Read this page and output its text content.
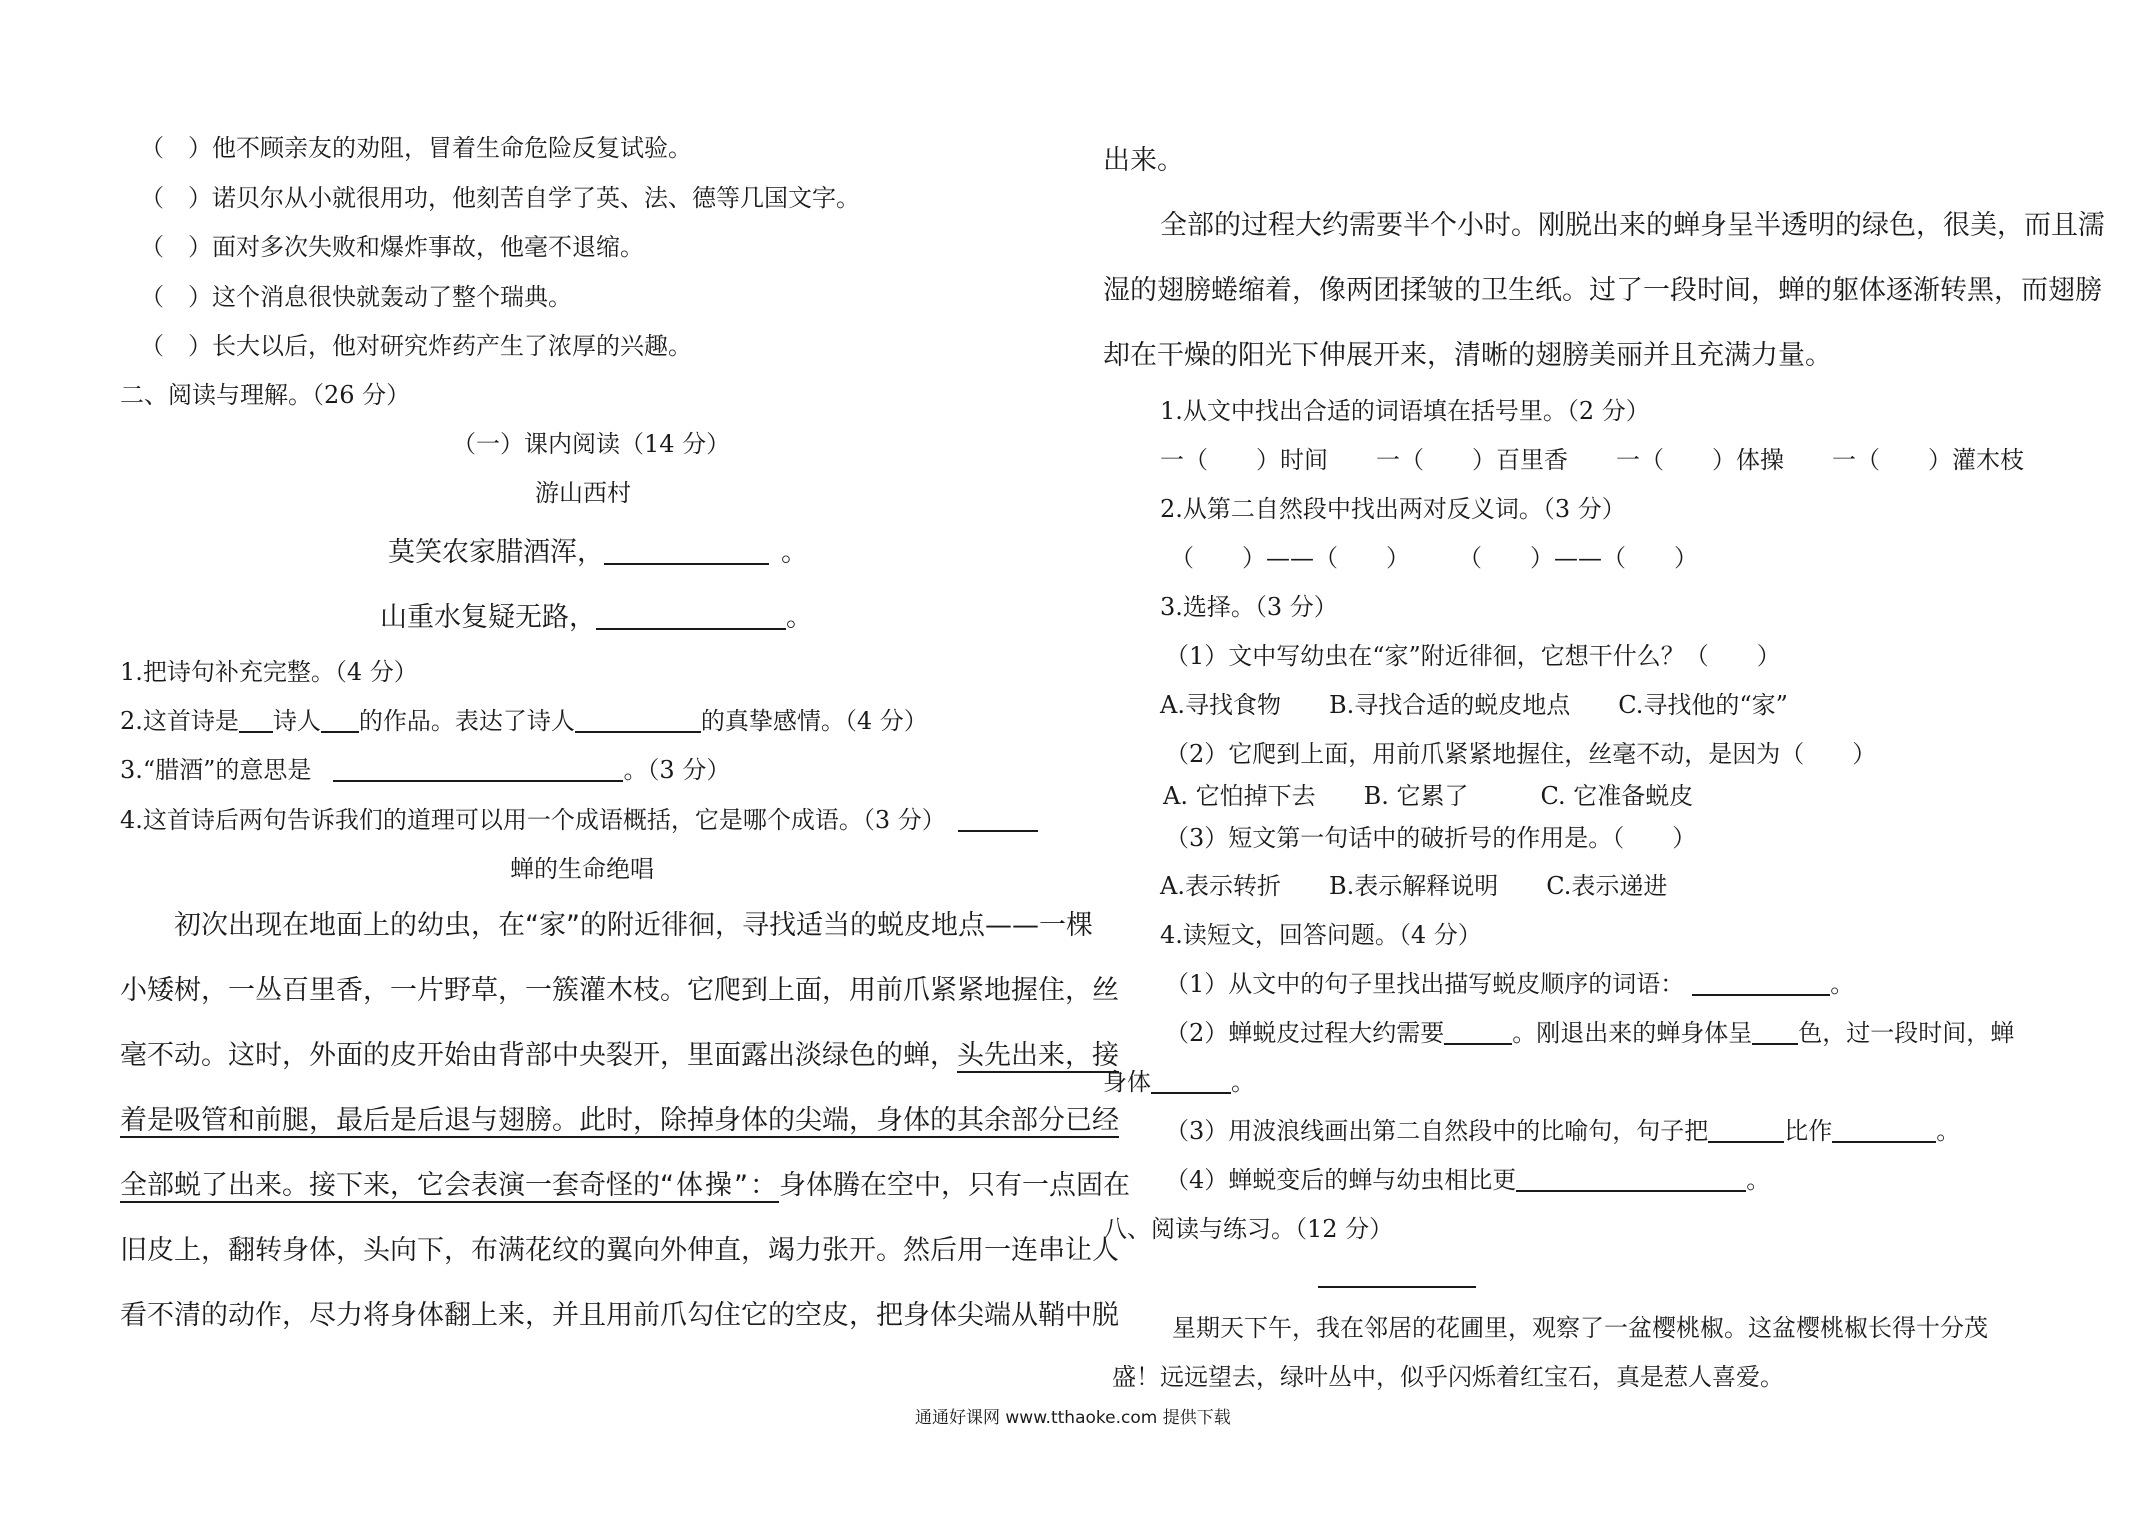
（　）他不顾亲友的劝阻，冒着生命危险反复试验。
（　）诺贝尔从小就很用功，他刻苦自学了英、法、德等几国文字。
（　）面对多次失败和爆炸事故，他毫不退缩。
（　）这个消息很快就轰动了整个瑞典。
（　）长大以后，他对研究炸药产生了浓厚的兴趣。
二、阅读与理解。（26 分）
（一）课内阅读（14 分）
游山西村
莫笑农家腊酒浑，	。
山重水复疑无路，	。
1.把诗句补充完整。（4 分）
2.这首诗是 诗人 的作品。表达了诗人	的真挚感情。（4 分）
3.“腊酒”的意思是	。（3 分）
4.这首诗后两句告诉我们的道理可以用一个成语概括，它是哪个成语。（3 分）
蝉的生命绝唱
初次出现在地面上的幼虫，在“家”的附近徘徊，寻找适当的蜕皮地点——一棵
小矮树，一丛百里香，一片野草，一簇灌木枝。它爬到上面，用前爪紧紧地握住，丝
毫不动。这时，外面的皮开始由背部中央裂开，里面露出淡绿色的蝉，头先出来，接
着是吸管和前腿，最后是后退与翅膀。此时，除掉身体的尖端，身体的其余部分已经
全部蜕了出来。接下来，它会表演一套奇怪的“体操”：身体腾在空中，只有一点固在
旧皮上，翻转身体，头向下，布满花纹的翼向外伸直，竭力张开。然后用一连串让人
看不清的动作，尽力将身体翻上来，并且用前爪勾住它的空皮，把身体尖端从鞘中脱
出来。
全部的过程大约需要半个小时。刚脱出来的蝉身呈半透明的绿色，很美，而且濡
湿的翅膀蜷缩着，像两团揉皱的卫生纸。过了一段时间，蝉的躯体逐渐转黑，而翅膀
却在干燥的阳光下伸展开来，清晰的翅膀美丽并且充满力量。
1.从文中找出合适的词语填在括号里。（2 分）
一（　　）时间　　一（　　）百里香　　一（　　）体操　　一（　　）灌木枝
2.从第二自然段中找出两对反义词。（3 分）
（　　）——（　　）　　　（　　）——（　　）
3.选择。（3 分）
（1）文中写幼虫在“家”附近徘徊，它想干什么？（　　）
A.寻找食物　　B.寻找合适的蜕皮地点　　C.寻找他的“家”
（2）它爬到上面，用前爪紧紧地握住，丝毫不动，是因为（　　）
A. 它怕掉下去　　B. 它累了　　　C. 它准备蜕皮
（3）短文第一句话中的破折号的作用是。（　　）
A.表示转折　　B.表示解释说明　　C.表示递进
4.读短文，回答问题。（4 分）
（1）从文中的句子里找出描写蜕皮顺序的词语：	。
（2）蝉蜕皮过程大约需要	。刚退出来的蝉身体呈 色，过一段时间，蝉
身体	。
（3）用波浪线画出第二自然段中的比喻句，句子把	比作	。
（4）蝉蜕变后的蝉与幼虫相比更	。
八、阅读与练习。（12 分）
星期天下午，我在邻居的花圃里，观察了一盆樱桃椒。这盆樱桃椒长得十分茂
盛！远远望去，绿叶丛中，似乎闪烁着红宝石，真是惹人喜爱。
通通好课网 www.tthaoke.com 提供下载
